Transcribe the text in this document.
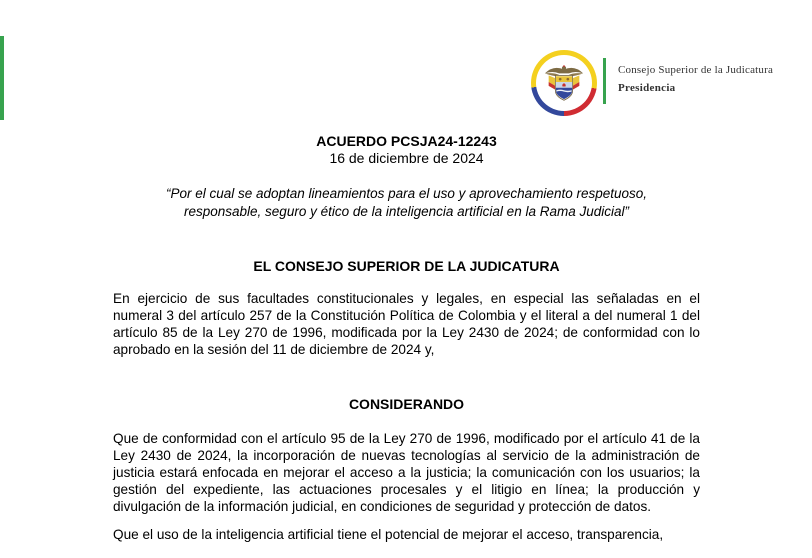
Consejo Superior de la Judicatura
Presidencia
ACUERDO PCSJA24-12243
16 de diciembre de 2024
“Por el cual se adoptan lineamientos para el uso y aprovechamiento respetuoso, responsable, seguro y ético de la inteligencia artificial en la Rama Judicial”
EL CONSEJO SUPERIOR DE LA JUDICATURA
En ejercicio de sus facultades constitucionales y legales, en especial las señaladas en el numeral 3 del artículo 257 de la Constitución Política de Colombia y el literal a del numeral 1 del artículo 85 de la Ley 270 de 1996, modificada por la Ley 2430 de 2024; de conformidad con lo aprobado en la sesión del 11 de diciembre de 2024 y,
CONSIDERANDO
Que de conformidad con el artículo 95 de la Ley 270 de 1996, modificado por el artículo 41 de la Ley 2430 de 2024, la incorporación de nuevas tecnologías al servicio de la administración de justicia estará enfocada en mejorar el acceso a la justicia; la comunicación con los usuarios; la gestión del expediente, las actuaciones procesales y el litigio en línea; la producción y divulgación de la información judicial, en condiciones de seguridad y protección de datos.
Que el uso de la inteligencia artificial tiene el potencial de mejorar el acceso, transparencia,
